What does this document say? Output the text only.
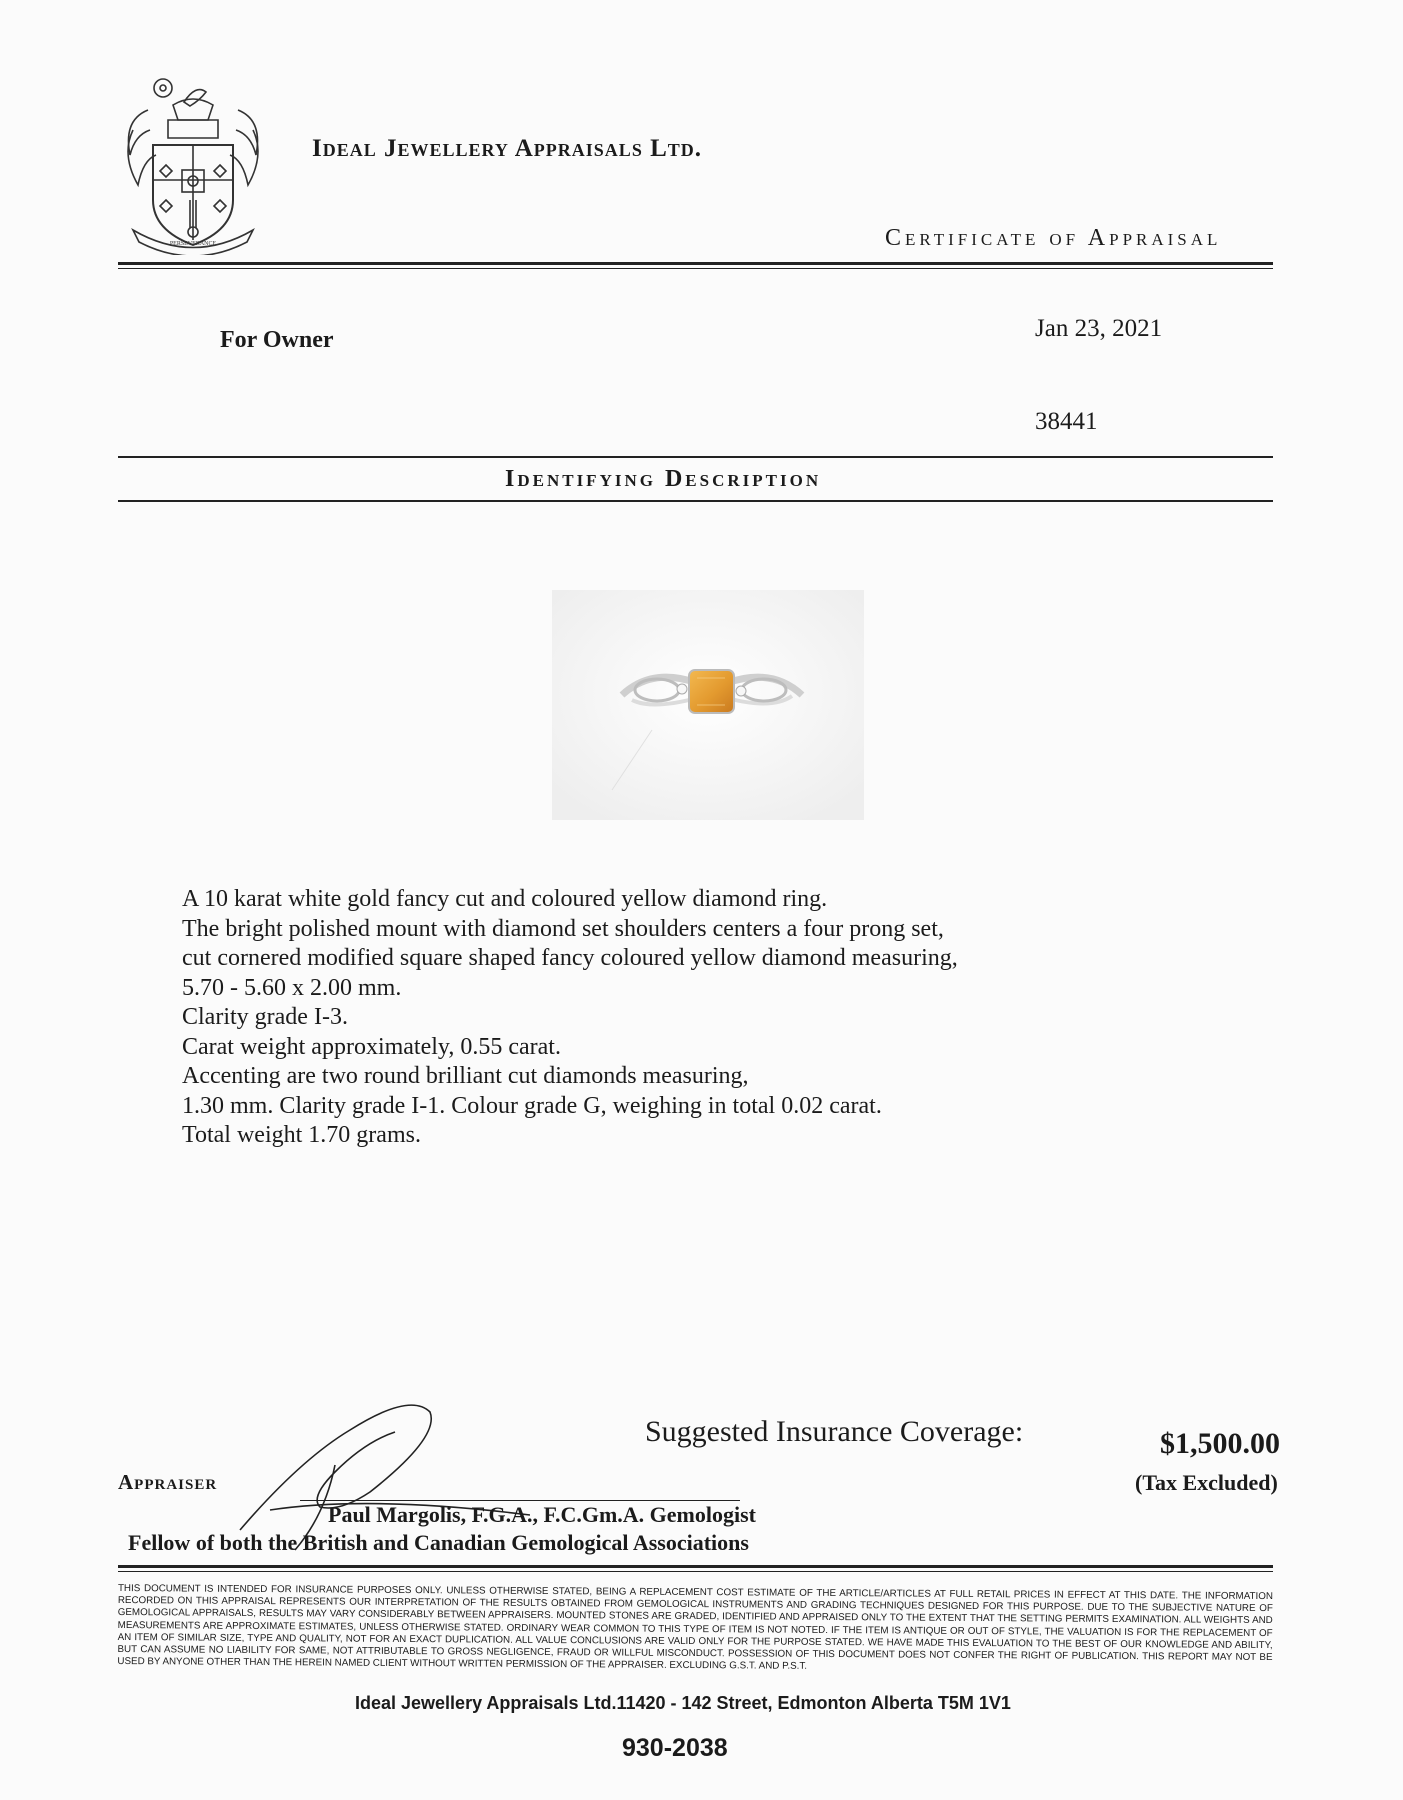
PERSEVERANCE
Ideal Jewellery Appraisals Ltd.
Certificate of Appraisal
For Owner	Jan 23, 2021
38441
Identifying Description
A 10 karat white gold fancy cut and coloured yellow diamond ring.
The bright polished mount with diamond set shoulders centers a four prong set,
cut cornered modified square shaped fancy coloured yellow diamond measuring,
5.70 - 5.60 x 2.00 mm.
Clarity grade I-3.
Carat weight approximately, 0.55 carat.
Accenting are two round brilliant cut diamonds measuring,
1.30 mm. Clarity grade I-1. Colour grade G, weighing in total 0.02 carat.
Total weight 1.70 grams.
Suggested Insurance Coverage:	$1,500.00
(Tax Excluded)
Appraiser
Paul Margolis, F.G.A., F.C.Gm.A. Gemologist
Fellow of both the British and Canadian Gemological Associations

THIS DOCUMENT IS INTENDED FOR INSURANCE PURPOSES ONLY. UNLESS OTHERWISE STATED, BEING A REPLACEMENT COST ESTIMATE OF THE ARTICLE/ARTICLES AT FULL RETAIL PRICES IN EFFECT AT THIS DATE. THE INFORMATION RECORDED ON THIS APPRAISAL REPRESENTS OUR INTERPRETATION OF THE RESULTS OBTAINED FROM GEMOLOGICAL INSTRUMENTS AND GRADING TECHNIQUES DESIGNED FOR THIS PURPOSE. DUE TO THE SUBJECTIVE NATURE OF GEMOLOGICAL APPRAISALS, RESULTS MAY VARY CONSIDERABLY BETWEEN APPRAISERS. MOUNTED STONES ARE GRADED, IDENTIFIED AND APPRAISED ONLY TO THE EXTENT THAT THE SETTING PERMITS EXAMINATION. ALL WEIGHTS AND MEASUREMENTS ARE APPROXIMATE ESTIMATES, UNLESS OTHERWISE STATED. ORDINARY WEAR COMMON TO THIS TYPE OF ITEM IS NOT NOTED. IF THE ITEM IS ANTIQUE OR OUT OF STYLE, THE VALUATION IS FOR THE REPLACEMENT OF AN ITEM OF SIMILAR SIZE, TYPE AND QUALITY, NOT FOR AN EXACT DUPLICATION. ALL VALUE CONCLUSIONS ARE VALID ONLY FOR THE PURPOSE STATED. WE HAVE MADE THIS EVALUATION TO THE BEST OF OUR KNOWLEDGE AND ABILITY, BUT CAN ASSUME NO LIABILITY FOR SAME, NOT ATTRIBUTABLE TO GROSS NEGLIGENCE, FRAUD OR WILLFUL MISCONDUCT. POSSESSION OF THIS DOCUMENT DOES NOT CONFER THE RIGHT OF PUBLICATION. THIS REPORT MAY NOT BE USED BY ANYONE OTHER THAN THE HEREIN NAMED CLIENT WITHOUT WRITTEN PERMISSION OF THE APPRAISER. EXCLUDING G.S.T. AND P.S.T.

Ideal Jewellery Appraisals Ltd.11420 - 142 Street, Edmonton Alberta T5M 1V1
930-2038
